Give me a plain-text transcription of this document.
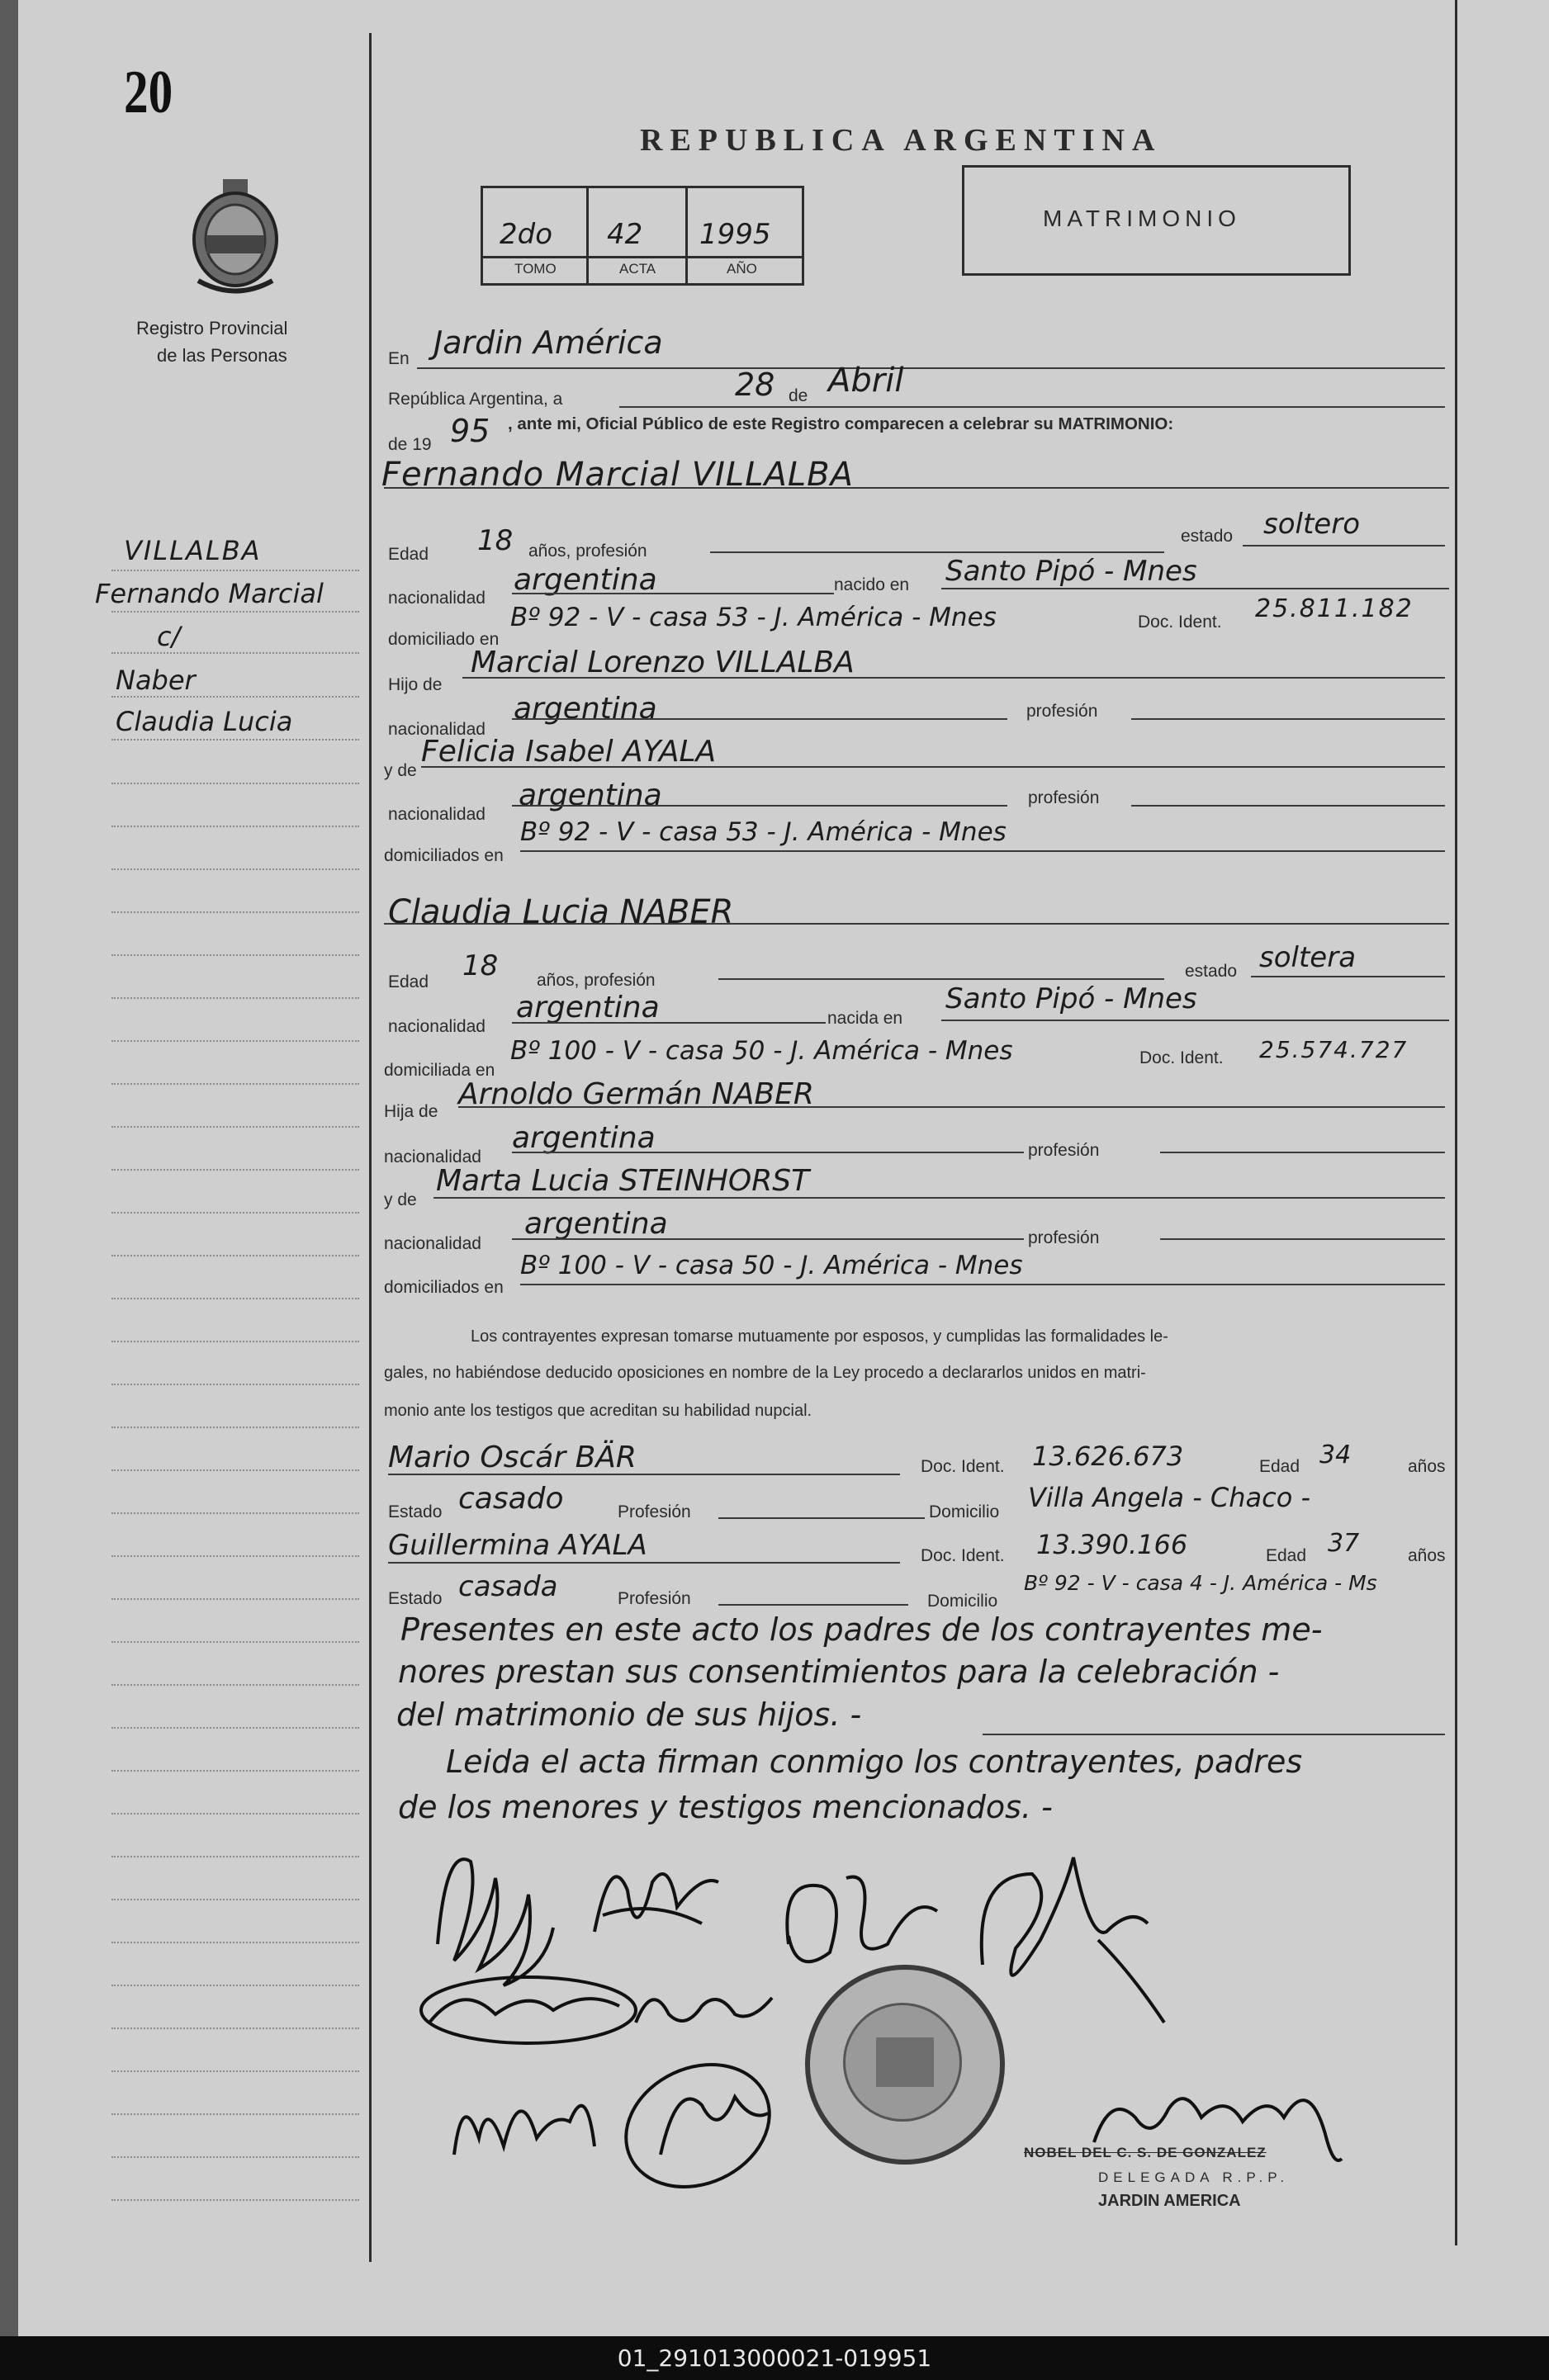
20
Registro Provincial
de las Personas
VILLALBA
Fernando Marcial
c/
Naber
Claudia Lucia
REPUBLICA ARGENTINA
2do 42 1995
TOMO	ACTA	AÑO
MATRIMONIO
En Jardin América
República Argentina, a	28 de Abril
de 19 95 , ante mi, Oficial Público de este Registro comparecen a celebrar su MATRIMONIO:
Fernando Marcial VILLALBA
Edad 18 años, profesión
estado soltero
nacionalidad
argentina	nacido en Santo Pipó - Mnes
domiciliado en
Bº 92 - V - casa 53 - J. América - Mnes	Doc. Ident. 25.811.182
Hijo de
Marcial Lorenzo VILLALBA
nacionalidad
argentina	profesión
y de
Felicia Isabel AYALA
nacionalidad
argentina	profesión
domiciliados en
Bº 92 - V - casa 53 - J. América - Mnes
Claudia Lucia NABER
Edad 18 años, profesión	estado soltera
nacionalidad
argentina	nacida en
Santo Pipó - Mnes
domiciliada en
Bº 100 - V - casa 50 - J. América - Mnes	Doc. Ident. 25.574.727
Hija de
Arnoldo Germán NABER
nacionalidad
argentina	profesión
y de
Marta Lucia STEINHORST
nacionalidad
argentina	profesión
domiciliados en
Bº 100 - V - casa 50 - J. América - Mnes
Los contrayentes expresan tomarse mutuamente por esposos, y cumplidas las formalidades le-
gales, no habiéndose deducido oposiciones en nombre de la Ley procedo a declararlos unidos en matri-
monio ante los testigos que acreditan su habilidad nupcial.
Mario Oscár BÄR	Doc. Ident. 13.626.673	Edad 34	años
Estado casado	Profesión	Domicilio Villa Angela - Chaco -
Guillermina AYALA	Doc. Ident. 13.390.166	Edad 37	años
Estado casada	Profesión	Domicilio
Bº 92 - V - casa 4 - J. América - Ms
Presentes en este acto los padres de los contrayentes me-
nores prestan sus consentimientos para la celebración -
del matrimonio de sus hijos. -
Leida el acta firman conmigo los contrayentes, padres
de los menores y testigos mencionados. -
NOBEL DEL C. S. DE GONZALEZ
DELEGADA R.P.P.
JARDIN AMERICA
01_291013000021-019951
